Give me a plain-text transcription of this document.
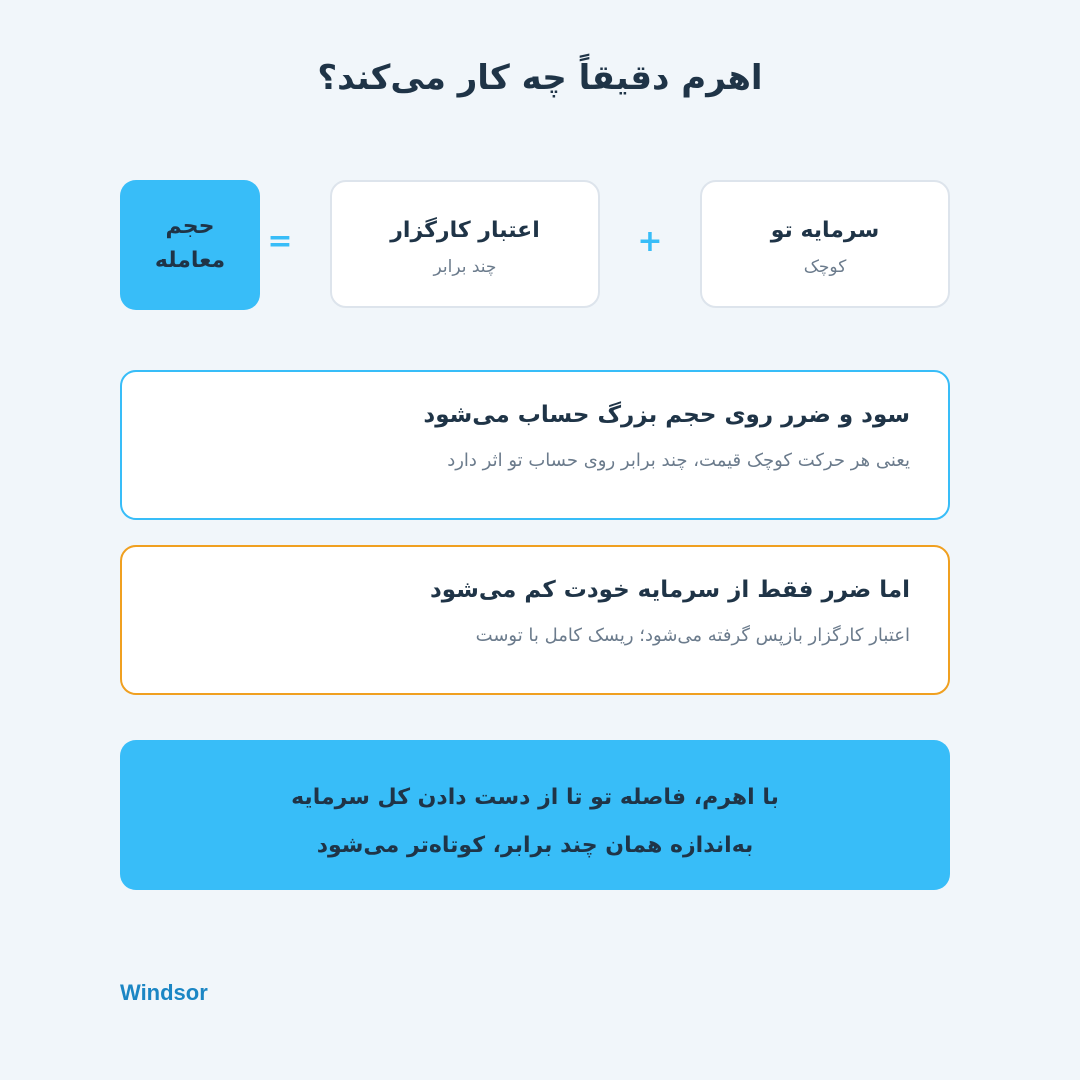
اهرم دقیقاً چه کار می‌کند؟
سرمایه تو
کوچک
+
اعتبار کارگزار
چند برابر
=
حجم
معامله
سود و ضرر روی حجم بزرگ حساب می‌شود
یعنی هر حرکت کوچک قیمت، چند برابر روی حساب تو اثر دارد
اما ضرر فقط از سرمایه خودت کم می‌شود
اعتبار کارگزار بازپس گرفته می‌شود؛ ریسک کامل با توست
با اهرم، فاصله تو تا از دست دادن کل سرمایه
به‌اندازه همان چند برابر، کوتاه‌تر می‌شود
Windsor
